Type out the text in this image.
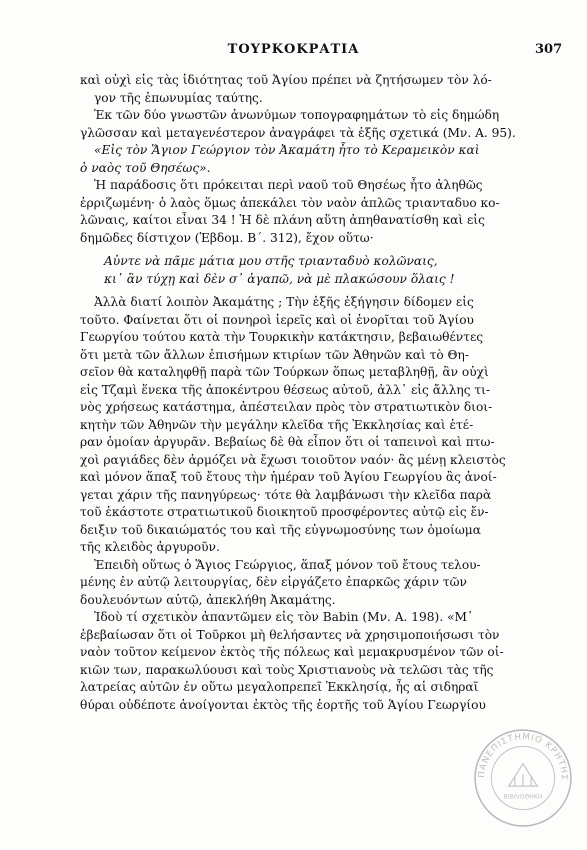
ΤΟΥΡΚΟΚΡΑΤΙΑ	307
καὶ οὐχὶ εἰς τὰς ἰδιότητας τοῦ Ἁγίου πρέπει νὰ ζητήσωμεν τὸν λό-
γον τῆς ἐπωνυμίας ταύτης.
Ἐκ τῶν δύο γνωστῶν ἀνωνύμων τοπογραφημάτων τὸ εἰς δημώδη
γλῶσσαν καὶ μεταγενέστερον ἀναγράφει τὰ ἑξῆς σχετικά (Μν. Α. 95).
«Εἰς τὸν Ἅγιον Γεώργιον τὸν Ἀκαμάτη ἦτο τὸ Κεραμεικὸν καὶ
ὁ ναὸς τοῦ Θησέως».
Ἡ παράδοσις ὅτι πρόκειται περὶ ναοῦ τοῦ Θησέως ἦτο ἀληθῶς
ἐρριζωμένη· ὁ λαὸς ὅμως ἀπεκάλει τὸν ναὸν ἁπλῶς τριανταδυο κο-
λῶναις, καίτοι εἶναι 34 ! Ἡ δὲ πλάνη αὕτη ἀπηθανατίσθη καὶ εἰς
δημῶδες δίστιχον (Ἑβδομ. Β΄. 312), ἔχον οὕτω·
Αὐντε νὰ πᾶμε μάτια μου στῆς τριανταδυὸ κολῶναις,
κι᾽ ἂν τύχῃ καὶ δὲν σ᾽ ἀγαπῶ, νὰ μὲ πλακώσουν ὅλαις !
Ἀλλὰ διατί λοιπὸν Ἀκαμάτης ; Τὴν ἑξῆς ἐξήγησιν δίδομεν εἰς
τοῦτο. Φαίνεται ὅτι οἱ πονηροὶ ἱερεῖς καὶ οἱ ἐνορῖται τοῦ Ἁγίου
Γεωργίου τούτου κατὰ τὴν Τουρκικὴν κατάκτησιν, βεβαιωθέντες
ὅτι μετὰ τῶν ἄλλων ἐπισήμων κτιρίων τῶν Ἀθηνῶν καὶ τὸ Θη-
σεῖον θὰ καταληφθῇ παρὰ τῶν Τούρκων ὅπως μεταβληθῇ, ἂν οὐχὶ
εἰς Τζαμὶ ἕνεκα τῆς ἀποκέντρου θέσεως αὐτοῦ, ἀλλ᾽ εἰς ἄλλης τι-
νὸς χρήσεως κατάστημα, ἀπέστειλαν πρὸς τὸν στρατιωτικὸν διοι-
κητὴν τῶν Ἀθηνῶν τὴν μεγάλην κλεῖδα τῆς Ἐκκλησίας καὶ ἑτέ-
ραν ὁμοίαν ἀργυρᾶν. Βεβαίως δὲ θὰ εἶπον ὅτι οἱ ταπεινοὶ καὶ πτω-
χοὶ ραγιάδες δὲν ἁρμόζει νὰ ἔχωσι τοιοῦτον ναόν· ἂς μένῃ κλειστὸς
καὶ μόνον ἅπαξ τοῦ ἔτους τὴν ἡμέραν τοῦ Ἁγίου Γεωργίου ἂς ἀνοί-
γεται χάριν τῆς πανηγύρεως· τότε θὰ λαμβάνωσι τὴν κλεῖδα παρὰ
τοῦ ἑκάστοτε στρατιωτικοῦ διοικητοῦ προσφέροντες αὐτῷ εἰς ἔν-
δειξιν τοῦ δικαιώματός του καὶ τῆς εὐγνωμοσύνης των ὁμοίωμα
τῆς κλειδὸς ἀργυροῦν.
Ἐπειδὴ οὕτως ὁ Ἅγιος Γεώργιος, ἅπαξ μόνον τοῦ ἔτους τελου-
μένης ἐν αὐτῷ λειτουργίας, δὲν εἰργάζετο ἐπαρκῶς χάριν τῶν
δουλευόντων αὐτῷ, ἀπεκλήθη Ἀκαμάτης.
Ἰδοὺ τί σχετικὸν ἀπαντῶμεν εἰς τὸν Babin (Μν. Α. 198). «Μ᾽
ἐβεβαίωσαν ὅτι οἱ Τοῦρκοι μὴ θελήσαντες νὰ χρησιμοποιήσωσι τὸν
ναὸν τοῦτον κείμενον ἐκτὸς τῆς πόλεως καὶ μεμακρυσμένον τῶν οἰ-
κιῶν των, παρακωλύουσι καὶ τοὺς Χριστιανοὺς νὰ τελῶσι τὰς τῆς
λατρείας αὐτῶν ἐν οὕτω μεγαλοπρεπεῖ Ἐκκλησίᾳ, ἧς αἱ σιδηραῖ
θύραι οὐδέποτε ἀνοίγονται ἐκτὸς τῆς ἑορτῆς τοῦ Ἁγίου Γεωργίου
ΠΑΝΕΠΙΣΤΗΜΙΟ ΚΡΗΤΗΣ
ΒΙΒΛΙΟΘΗΚΗ
